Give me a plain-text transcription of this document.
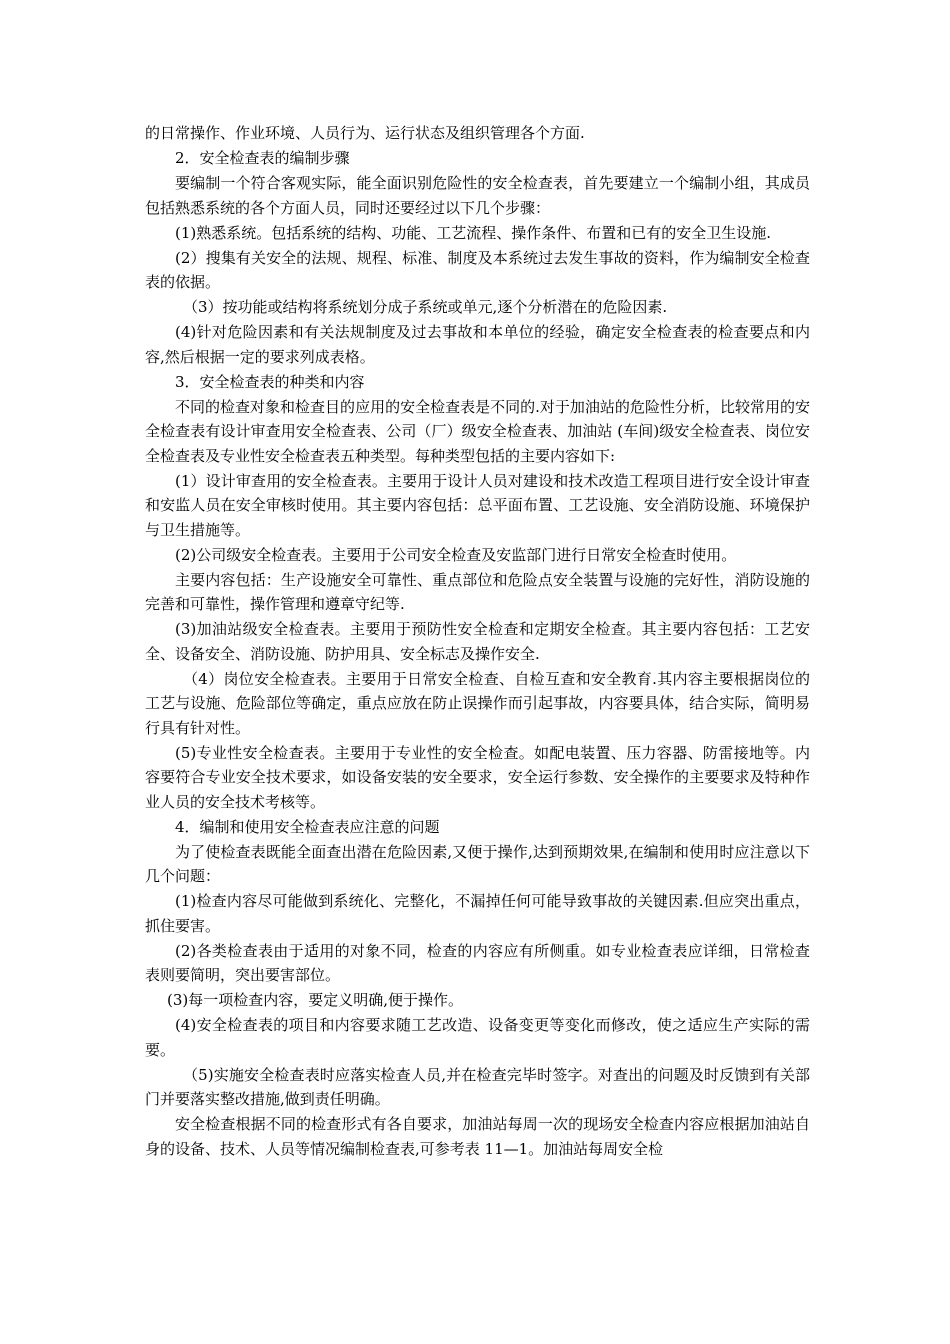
的日常操作、作业环境、人员行为、运行状态及组织管理各个方面.

2．安全检查表的编制步骤

要编制一个符合客观实际，能全面识别危险性的安全检查表，首先要建立一个编制小组，其成员包括熟悉系统的各个方面人员，同时还要经过以下几个步骤：

(1)熟悉系统。包括系统的结构、功能、工艺流程、操作条件、布置和已有的安全卫生设施.

(2）搜集有关安全的法规、规程、标准、制度及本系统过去发生事故的资料，作为编制安全检查表的依据。

（3）按功能或结构将系统划分成子系统或单元,逐个分析潜在的危险因素.

(4)针对危险因素和有关法规制度及过去事故和本单位的经验，确定安全检查表的检查要点和内容,然后根据一定的要求列成表格。

3．安全检查表的种类和内容

不同的检查对象和检查目的应用的安全检查表是不同的.对于加油站的危险性分析，比较常用的安全检查表有设计审查用安全检查表、公司（厂）级安全检查表、加油站 (车间)级安全检查表、岗位安全检查表及专业性安全检查表五种类型。每种类型包括的主要内容如下:

(1）设计审查用的安全检查表。主要用于设计人员对建设和技术改造工程项目进行安全设计审查和安监人员在安全审核时使用。其主要内容包括：总平面布置、工艺设施、安全消防设施、环境保护与卫生措施等。

(2)公司级安全检查表。主要用于公司安全检查及安监部门进行日常安全检查时使用。

主要内容包括：生产设施安全可靠性、重点部位和危险点安全装置与设施的完好性，消防设施的完善和可靠性，操作管理和遵章守纪等.

(3)加油站级安全检查表。主要用于预防性安全检查和定期安全检查。其主要内容包括：工艺安全、设备安全、消防设施、防护用具、安全标志及操作安全.

（4）岗位安全检查表。主要用于日常安全检查、自检互查和安全教育.其内容主要根据岗位的工艺与设施、危险部位等确定，重点应放在防止误操作而引起事故，内容要具体，结合实际，简明易行具有针对性。

(5)专业性安全检查表。主要用于专业性的安全检查。如配电装置、压力容器、防雷接地等。内容要符合专业安全技术要求，如设备安装的安全要求，安全运行参数、安全操作的主要要求及特种作业人员的安全技术考核等。

4．编制和使用安全检查表应注意的问题

为了使检查表既能全面查出潜在危险因素,又便于操作,达到预期效果,在编制和使用时应注意以下几个问题：

(1)检查内容尽可能做到系统化、完整化，不漏掉任何可能导致事故的关键因素.但应突出重点，抓住要害。

(2)各类检查表由于适用的对象不同，检查的内容应有所侧重。如专业检查表应详细，日常检查表则要简明，突出要害部位。

(3)每一项检查内容，要定义明确,便于操作。

(4)安全检查表的项目和内容要求随工艺改造、设备变更等变化而修改，使之适应生产实际的需要。

（5)实施安全检查表时应落实检查人员,并在检查完毕时签字。对查出的问题及时反馈到有关部门并要落实整改措施,做到责任明确。

安全检查根据不同的检查形式有各自要求，加油站每周一次的现场安全检查内容应根据加油站自身的设备、技术、人员等情况编制检查表,可参考表 11—1。加油站每周安全检
